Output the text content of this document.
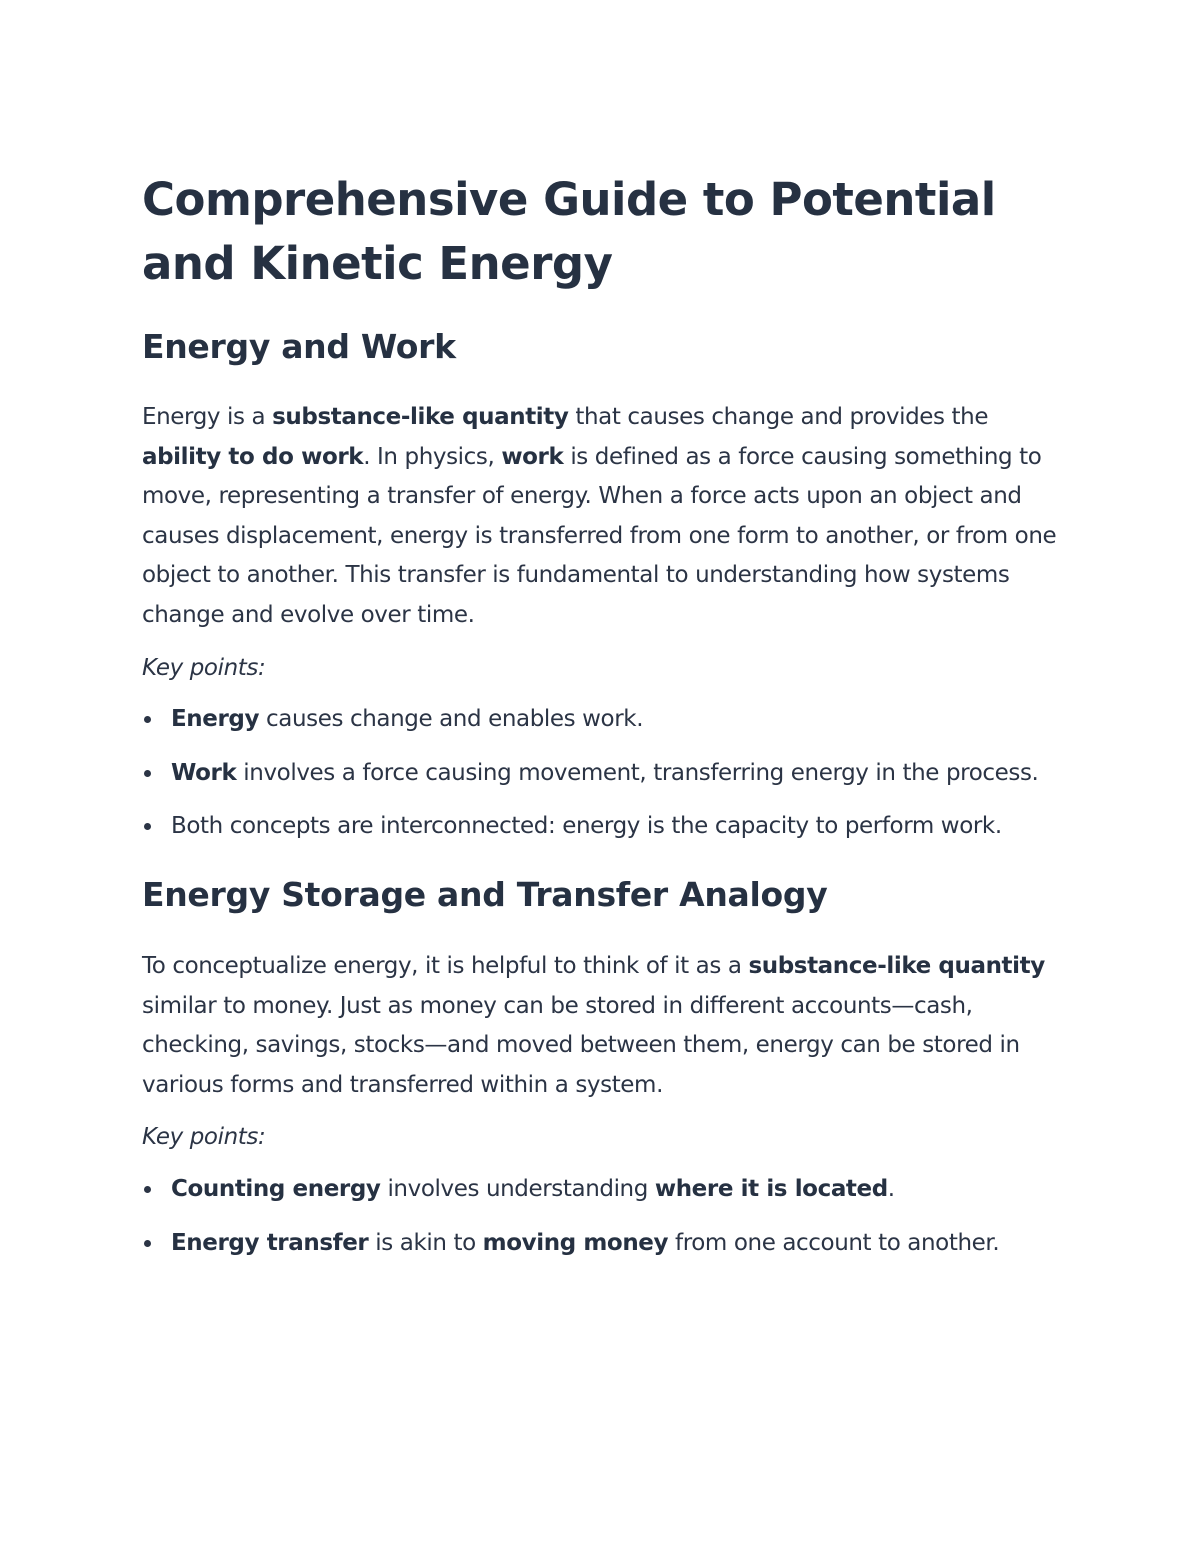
Comprehensive Guide to Potential and Kinetic Energy
Energy and Work

Energy is a substance-like quantity that causes change and provides the ability to do work. In physics, work is defined as a force causing something to move, representing a transfer of energy. When a force acts upon an object and causes displacement, energy is transferred from one form to another, or from one object to another. This transfer is fundamental to understanding how systems change and evolve over time.

Key points:

Energy causes change and enables work.
Work involves a force causing movement, transferring energy in the process.
Both concepts are interconnected: energy is the capacity to perform work.
Energy Storage and Transfer Analogy

To conceptualize energy, it is helpful to think of it as a substance-like quantity similar to money. Just as money can be stored in different accounts—cash, checking, savings, stocks—and moved between them, energy can be stored in various forms and transferred within a system.

Key points:

Counting energy involves understanding where it is located.
Energy transfer is akin to moving money from one account to another.
